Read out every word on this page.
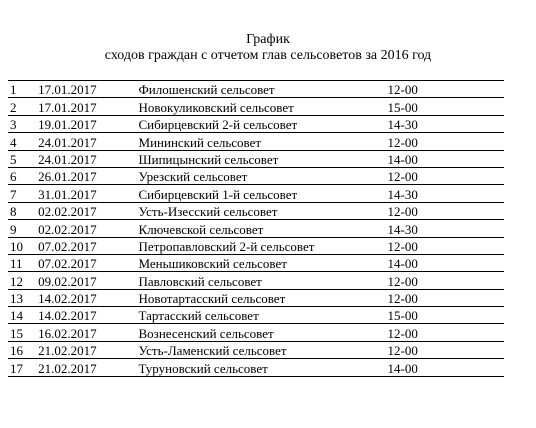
График
сходов граждан с отчетом глав сельсоветов за 2016 год
1	17.01.2017	Филошенский сельсовет	12-00
2	17.01.2017	Новокуликовский сельсовет	15-00
3	19.01.2017	Сибирцевский 2-й сельсовет	14-30
4	24.01.2017	Мининский сельсовет	12-00
5	24.01.2017	Шипицынский сельсовет	14-00
6	26.01.2017	Урезский сельсовет	12-00
7	31.01.2017	Сибирцевский 1-й сельсовет	14-30
8	02.02.2017	Усть-Изесский сельсовет	12-00
9	02.02.2017	Ключевской сельсовет	14-30
10	07.02.2017	Петропавловский 2-й сельсовет	12-00
11	07.02.2017	Меньшиковский сельсовет	14-00
12	09.02.2017	Павловский сельсовет	12-00
13	14.02.2017	Новотартасский сельсовет	12-00
14	14.02.2017	Тартасский сельсовет	15-00
15	16.02.2017	Вознесенский сельсовет	12-00
16	21.02.2017	Усть-Ламенский сельсовет	12-00
17	21.02.2017	Туруновский сельсовет	14-00
